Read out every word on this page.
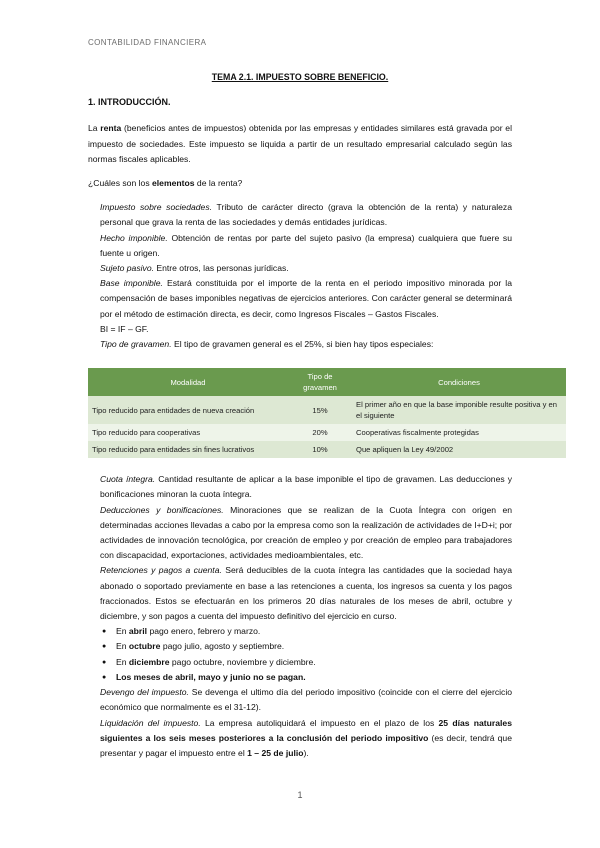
CONTABILIDAD FINANCIERA
TEMA 2.1. IMPUESTO SOBRE BENEFICIO.
1. INTRODUCCIÓN.

La renta (beneficios antes de impuestos) obtenida por las empresas y entidades similares está gravada por el impuesto de sociedades. Este impuesto se liquida a partir de un resultado empresarial calculado según las normas fiscales aplicables.

¿Cuáles son los elementos de la renta?

Impuesto sobre sociedades. Tributo de carácter directo (grava la obtención de la renta) y naturaleza personal que grava la renta de las sociedades y demás entidades jurídicas.

Hecho imponible. Obtención de rentas por parte del sujeto pasivo (la empresa) cualquiera que fuere su fuente u origen.

Sujeto pasivo. Entre otros, las personas jurídicas.

Base imponible. Estará constituida por el importe de la renta en el periodo impositivo minorada por la compensación de bases imponibles negativas de ejercicios anteriores. Con carácter general se determinará por el método de estimación directa, es decir, como Ingresos Fiscales – Gastos Fiscales.

BI = IF – GF.

Tipo de gravamen. El tipo de gravamen general es el 25%, si bien hay tipos especiales:

Modalidad	Tipo de gravamen	Condiciones
Tipo reducido para entidades de nueva creación	15%	El primer año en que la base imponible resulte positiva y en el siguiente
Tipo reducido para cooperativas	20%	Cooperativas fiscalmente protegidas
Tipo reducido para entidades sin fines lucrativos	10%	Que apliquen la Ley 49/2002

Cuota íntegra. Cantidad resultante de aplicar a la base imponible el tipo de gravamen. Las deducciones y bonificaciones minoran la cuota íntegra.

Deducciones y bonificaciones. Minoraciones que se realizan de la Cuota Íntegra con origen en determinadas acciones llevadas a cabo por la empresa como son la realización de actividades de I+D+i; por actividades de innovación tecnológica, por creación de empleo y por creación de empleo para trabajadores con discapacidad, exportaciones, actividades medioambientales, etc.

Retenciones y pagos a cuenta. Será deducibles de la cuota íntegra las cantidades que la sociedad haya abonado o soportado previamente en base a las retenciones a cuenta, los ingresos sa cuenta y los pagos fraccionados. Estos se efectuarán en los primeros 20 días naturales de los meses de abril, octubre y diciembre, y son pagos a cuenta del impuesto definitivo del ejercicio en curso.

● En abril pago enero, febrero y marzo.
● En octubre pago julio, agosto y septiembre.
● En diciembre pago octubre, noviembre y diciembre.
● Los meses de abril, mayo y junio no se pagan.

Devengo del impuesto. Se devenga el ultimo día del periodo impositivo (coincide con el cierre del ejercicio económico que normalmente es el 31-12).

Liquidación del impuesto. La empresa autoliquidará el impuesto en el plazo de los 25 días naturales siguientes a los seis meses posteriores a la conclusión del periodo impositivo (es decir, tendrá que presentar y pagar el impuesto entre el 1 – 25 de julio).

1
